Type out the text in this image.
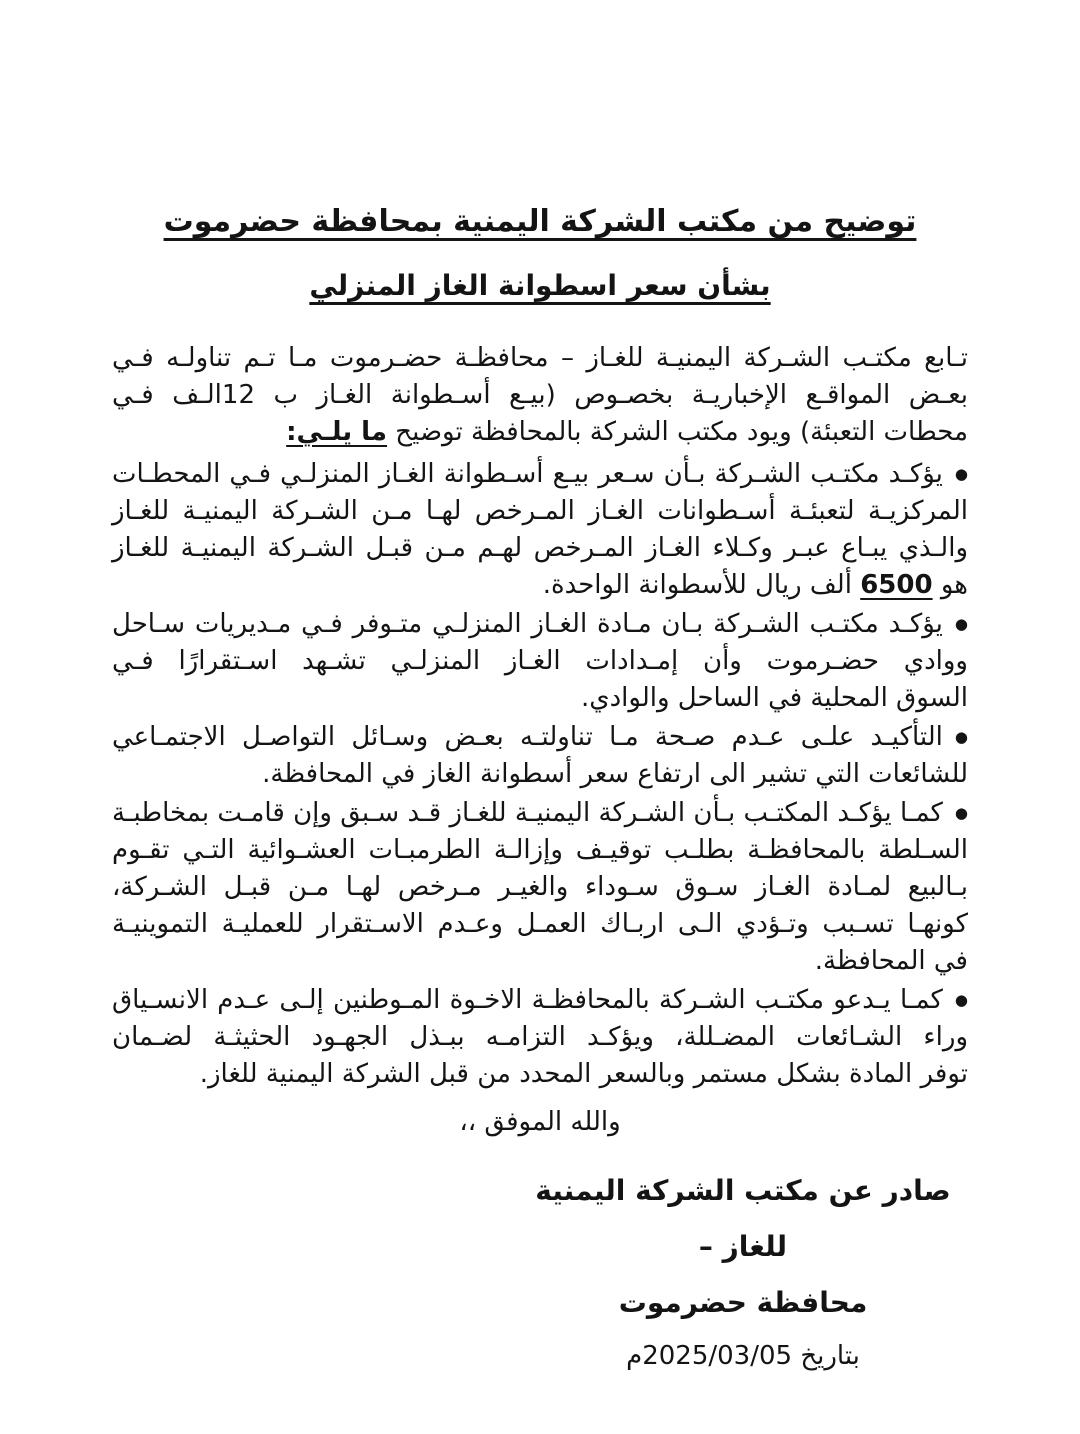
توضيح من مكتب الشركة اليمنية بمحافظة حضرموت
بشأن سعر اسطوانة الغاز المنزلي
تـابع مكتـب الشـركة اليمنيـة للغـاز – محافظـة حضـرموت مـا تـم تناولـه فـي
بعـض المواقـع الإخباريـة بخصـوص (بيـع أسـطوانة الغـاز ب 12الـف فـي
محطات التعبئة) ويود مكتب الشركة بالمحافظة توضيح ما يلـي:
●يؤكـد مكتـب الشـركة بـأن سـعر بيـع أسـطوانة الغـاز المنزلـي فـي المحطـات
المركزيـة لتعبئـة أسـطوانات الغـاز المـرخص لهـا مـن الشـركة اليمنيـة للغـاز
والـذي يبـاع عبـر وكـلاء الغـاز المـرخص لهـم مـن قبـل الشـركة اليمنيـة للغـاز
هو 6500 ألف ريال للأسطوانة الواحدة.
●يؤكـد مكتـب الشـركة بـان مـادة الغـاز المنزلـي متـوفر فـي مـديريات سـاحل
ووادي حضـرموت وأن إمـدادات الغـاز المنزلـي تشـهد اسـتقرارًا فـي
السوق المحلية في الساحل والوادي.
●التأكيـد علـى عـدم صـحة مـا تناولتـه بعـض وسـائل التواصـل الاجتمـاعي
للشائعات التي تشير الى ارتفاع سعر أسطوانة الغاز في المحافظة.
●كمـا يؤكـد المكتـب بـأن الشـركة اليمنيـة للغـاز قـد سـبق وإن قامـت بمخاطبـة
السـلطة بالمحافظـة بطلـب توقيـف وإزالـة الطرمبـات العشـوائية التـي تقـوم
بـالبيع لمـادة الغـاز سـوق سـوداء والغيـر مـرخص لهـا مـن قبـل الشـركة،
كونهـا تسـبب وتـؤدي الـى اربـاك العمـل وعـدم الاسـتقرار للعمليـة التموينيـة
في المحافظة.
●كمـا يـدعو مكتـب الشـركة بالمحافظـة الاخـوة المـوطنين إلـى عـدم الانسـياق
وراء الشـائعات المضـللة، ويؤكـد التزامـه ببـذل الجهـود الحثيثـة لضـمان
توفر المادة بشكل مستمر وبالسعر المحدد من قبل الشركة اليمنية للغاز.
والله الموفق ،،
صادر عن مكتب الشركة اليمنية للغاز –
محافظة حضرموت
بتاريخ 2025/03/05م
